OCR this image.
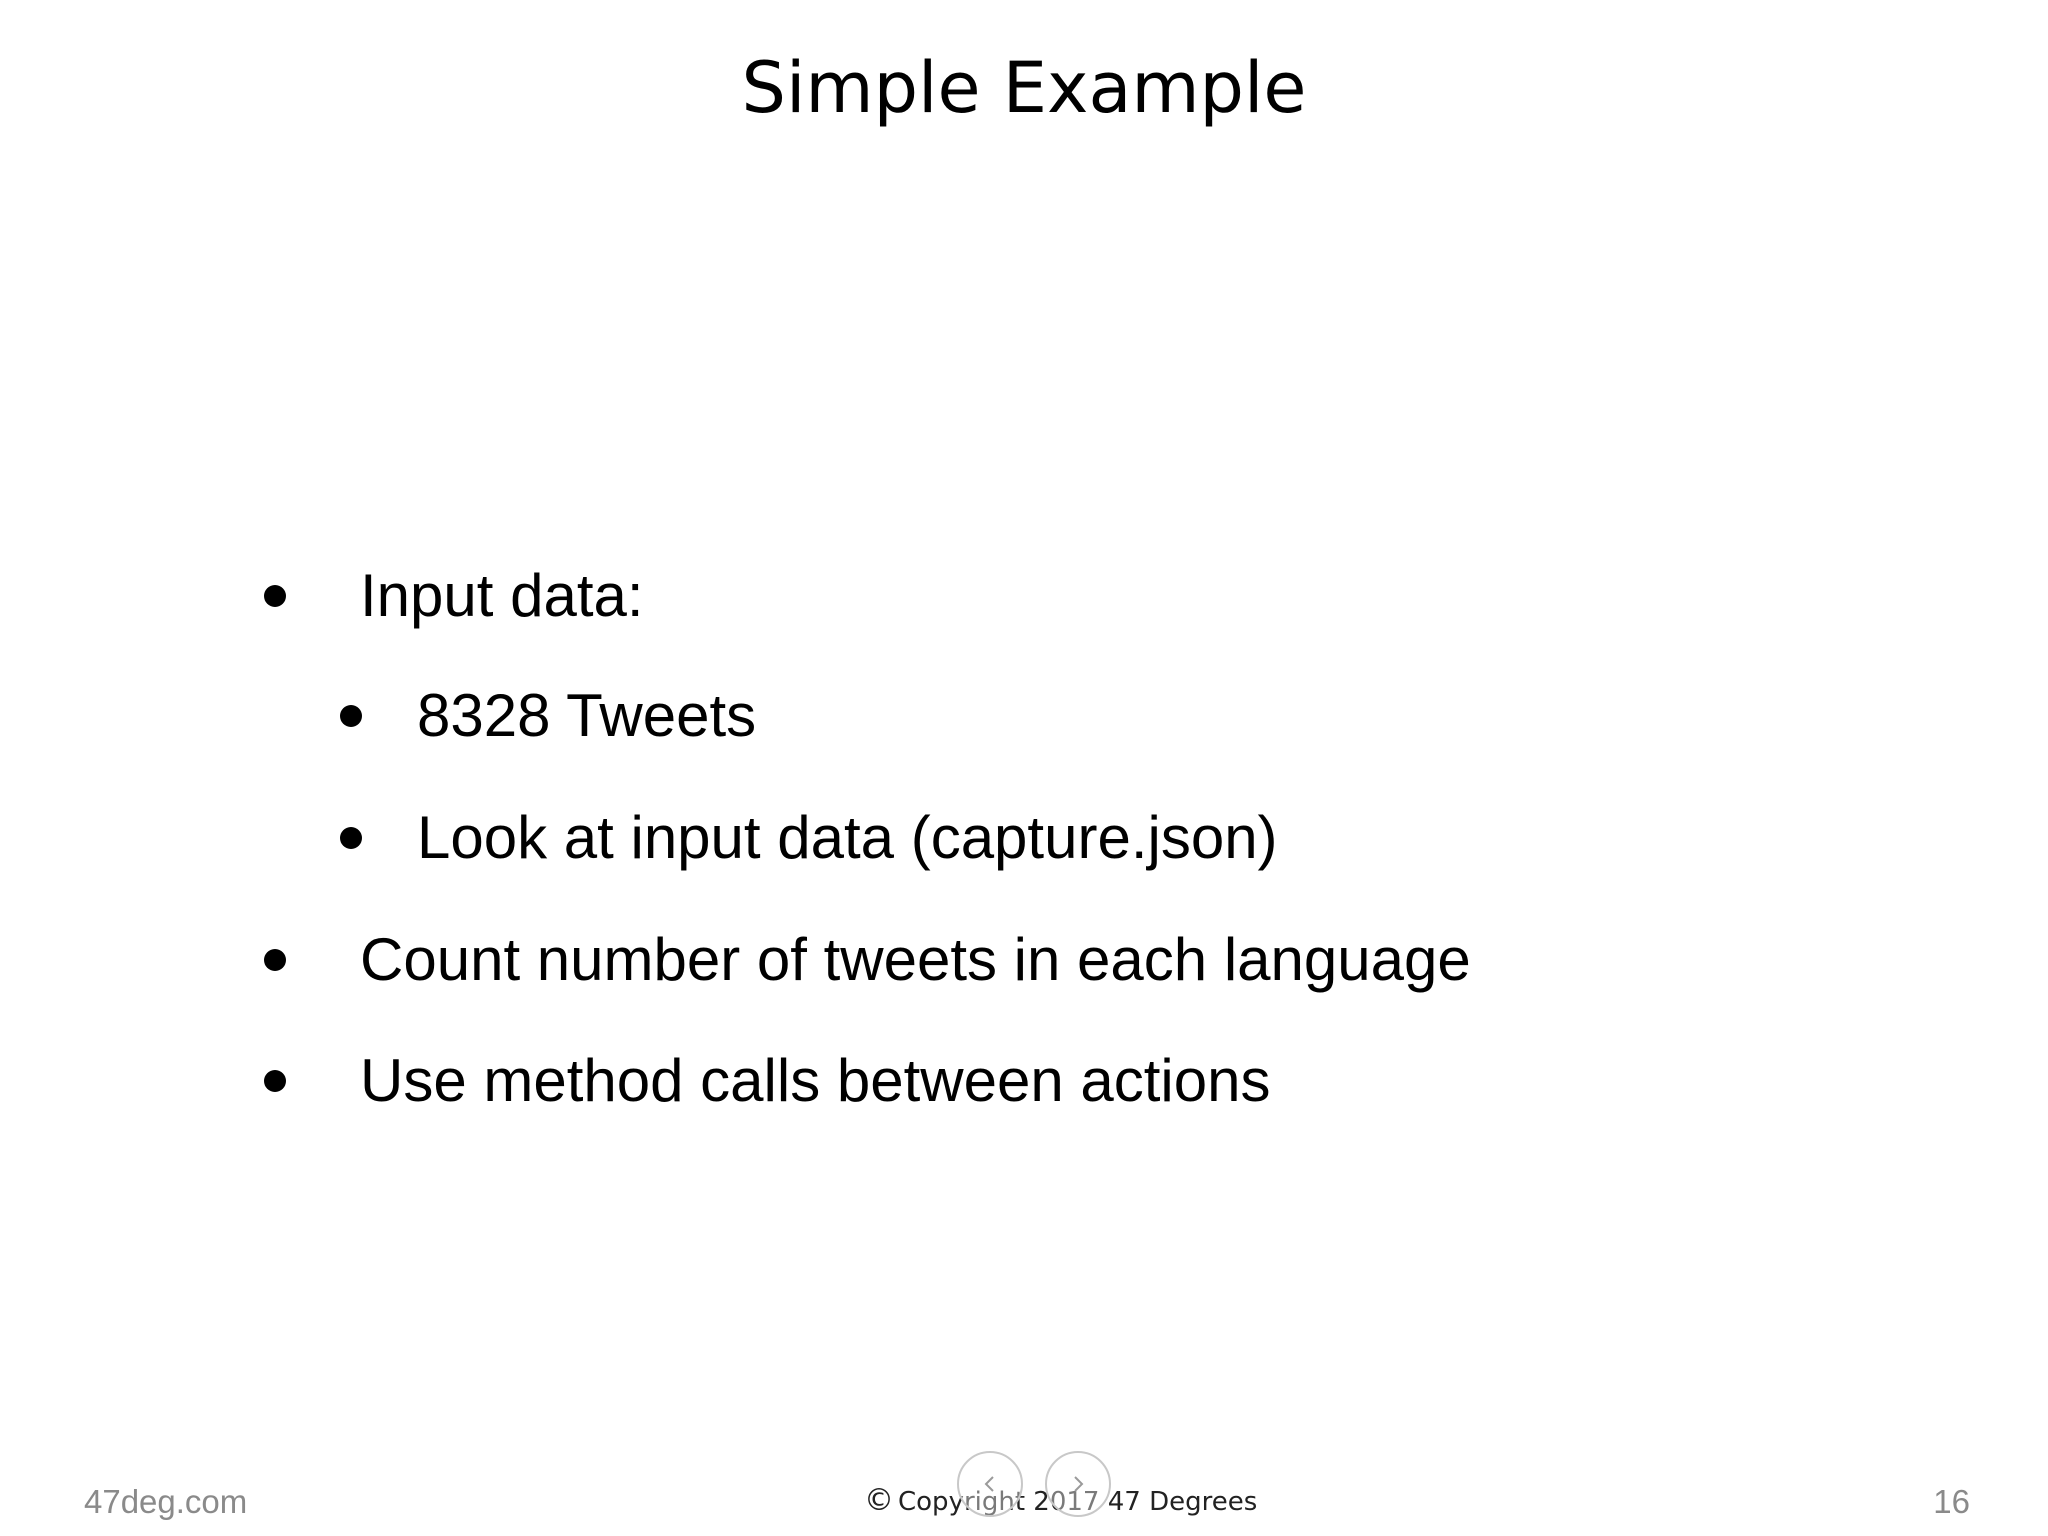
Simple Example
Input data:
8328 Tweets
Look at input data (capture.json)
Count number of tweets in each language
Use method calls between actions
47deg.com	© Copyright 2017 47 Degrees	16
